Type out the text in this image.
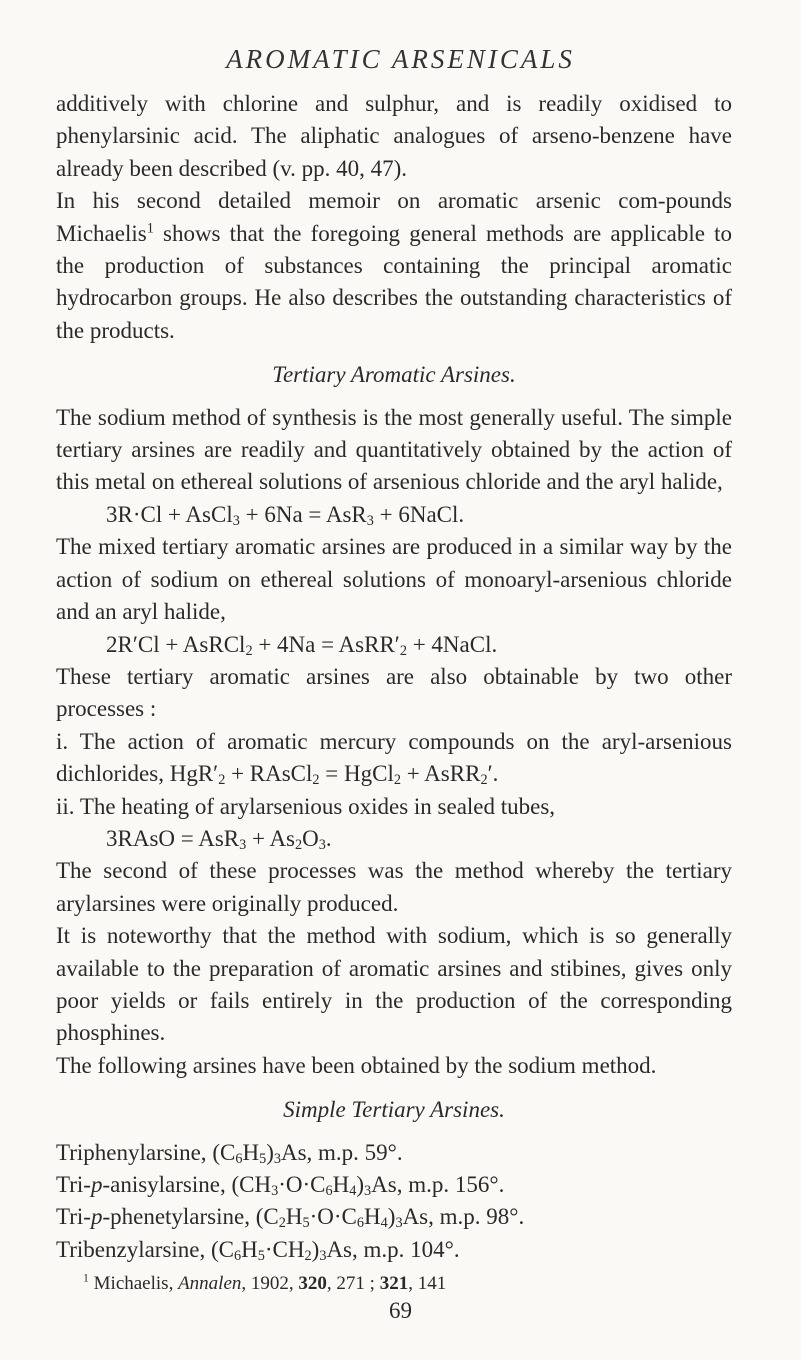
AROMATIC ARSENICALS

additively with chlorine and sulphur, and is readily oxidised to phenylarsinic acid. The aliphatic analogues of arseno-benzene have already been described (v. pp. 40, 47).

In his second detailed memoir on aromatic arsenic com-pounds Michaelis$^1$ shows that the foregoing general methods are applicable to the production of substances containing the principal aromatic hydrocarbon groups. He also describes the outstanding characteristics of the products.

Tertiary Aromatic Arsines.

The sodium method of synthesis is the most generally useful. The simple tertiary arsines are readily and quantitatively obtained by the action of this metal on ethereal solutions of arsenious chloride and the aryl halide,

3R·Cl + AsCl$_3$ + 6Na = AsR$_3$ + 6NaCl.

The mixed tertiary aromatic arsines are produced in a similar way by the action of sodium on ethereal solutions of monoaryl-arsenious chloride and an aryl halide,

2R′Cl + AsRCl$_2$ + $4Na = AsRR'_2$ + 4NaCl.

These tertiary aromatic arsines are also obtainable by two other processes :

i. The action of aromatic mercury compounds on the aryl-arsenious dichlorides, $HgR'_2$ + RAsCl$_2$ = HgCl$_2$ + AsRR$_2$′.

ii. The heating of arylarsenious oxides in sealed tubes,

3RAsO = $AsR_3 + As_2O_3$.

The second of these processes was the method whereby the tertiary arylarsines were originally produced.

It is noteworthy that the method with sodium, which is so generally available to the preparation of aromatic arsines and stibines, gives only poor yields or fails entirely in the production of the corresponding phosphines.

The following arsines have been obtained by the sodium method.

Simple Tertiary Arsines.

Triphenylarsine, $(C_6H_5)_3As$, m.p. 59°.

Tri-p-anisylarsine, $(CH_3\cdot O\cdot C_6H_4)_3As$, m.p. 156°.

Tri-p-phenetylarsine, $(C_2H_5\cdot O\cdot C_6H_4)_3As$, m.p. 98°.

Tribenzylarsine, $(C_6H_5\cdot CH_2)_3As$, m.p. 104°.

$^1$ Michaelis, Annalen, 1902, 320, 271 ; 321, 141
69
